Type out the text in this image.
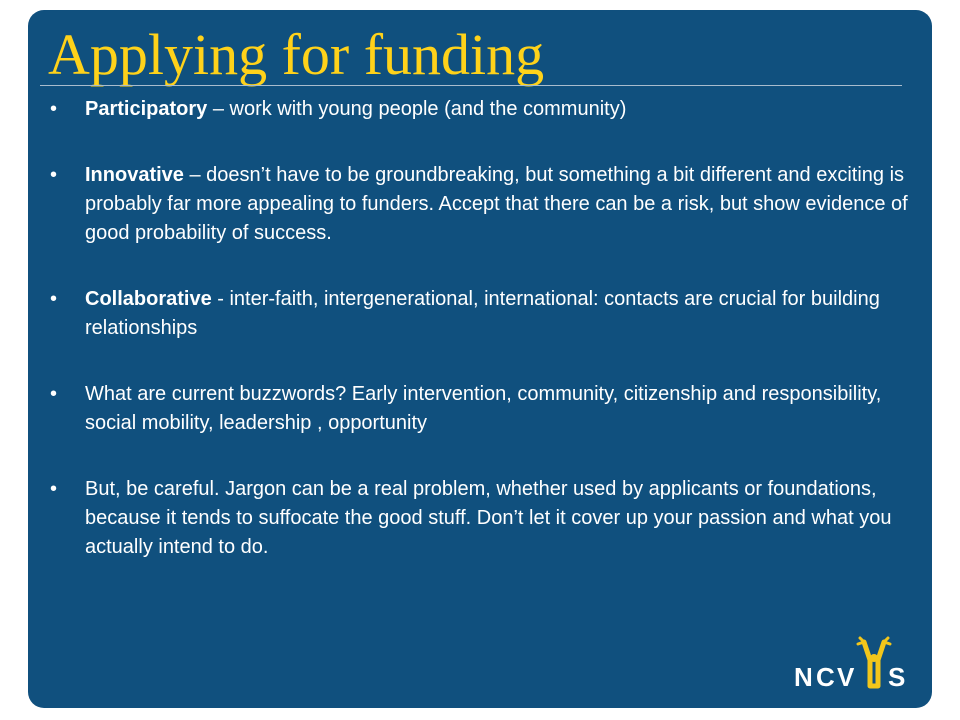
Applying for funding
• Participatory – work with young people (and the community)
• Innovative – doesn’t have to be groundbreaking, but something a bit different and exciting is probably far more appealing to funders. Accept that there can be a risk, but show evidence of good probability of success.
• Collaborative - inter-faith, intergenerational, international: contacts are crucial for building relationships
• What are current buzzwords? Early intervention, community, citizenship and responsibility, social mobility, leadership , opportunity
• But, be careful. Jargon can be a real problem, whether used by applicants or foundations, because it tends to suffocate the good stuff. Don’t let it cover up your passion and what you actually intend to do.
N C V S
